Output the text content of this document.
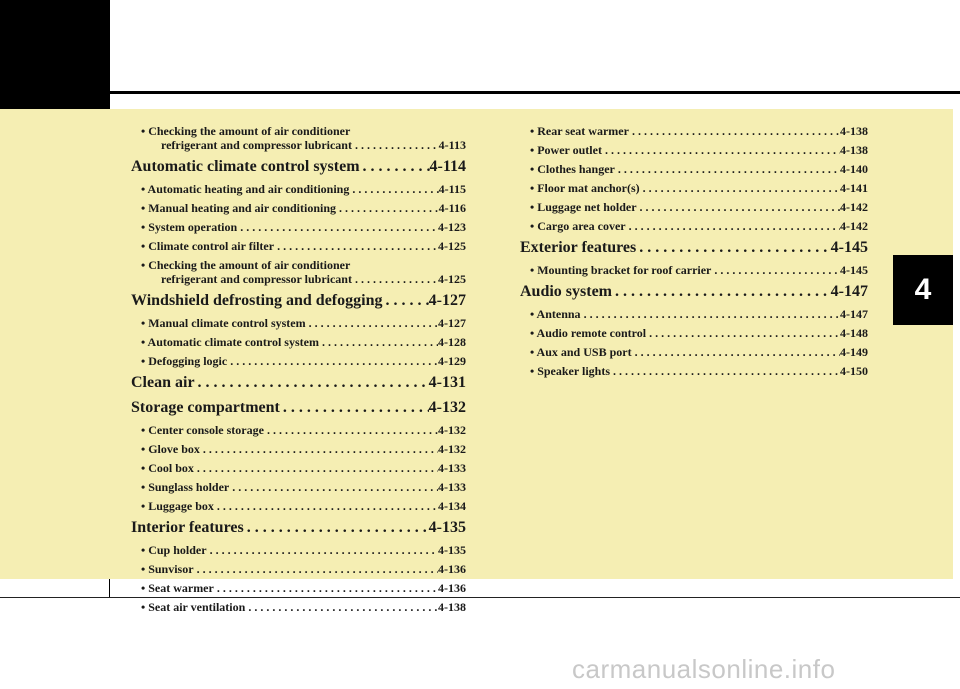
4
• Checking the amount of air conditioner
refrigerant and compressor lubricant . . .	4-113
Automatic climate control system . . .	4-114
• Automatic heating and air conditioning . . .	4-115
• Manual heating and air conditioning . . .	4-116
• System operation . . .	4-123
• Climate control air filter . . .	4-125
• Checking the amount of air conditioner
refrigerant and compressor lubricant . . .	4-125
Windshield defrosting and defogging . . .	4-127
• Manual climate control system . . .	4-127
• Automatic climate control system . . .	4-128
• Defogging logic . . .	4-129
Clean air . . .	4-131
Storage compartment . . .	4-132
• Center console storage . . .	4-132
• Glove box . . .	4-132
• Cool box . . .	4-133
• Sunglass holder . . .	4-133
• Luggage box . . .	4-134
Interior features . . .	4-135
• Cup holder . . .	4-135
• Sunvisor . . .	4-136
• Seat warmer . . .	4-136
• Seat air ventilation . . .	4-138
• Rear seat warmer . . .	4-138
• Power outlet . . .	4-138
• Clothes hanger . . .	4-140
• Floor mat anchor(s) . . .	4-141
• Luggage net holder . . .	4-142
• Cargo area cover . . .	4-142
Exterior features . . .	4-145
• Mounting bracket for roof carrier . . .	4-145
Audio system . . .	4-147
• Antenna . . .	4-147
• Audio remote control . . .	4-148
• Aux and USB port . . .	4-149
• Speaker lights . . .	4-150
carmanualsonline.info
